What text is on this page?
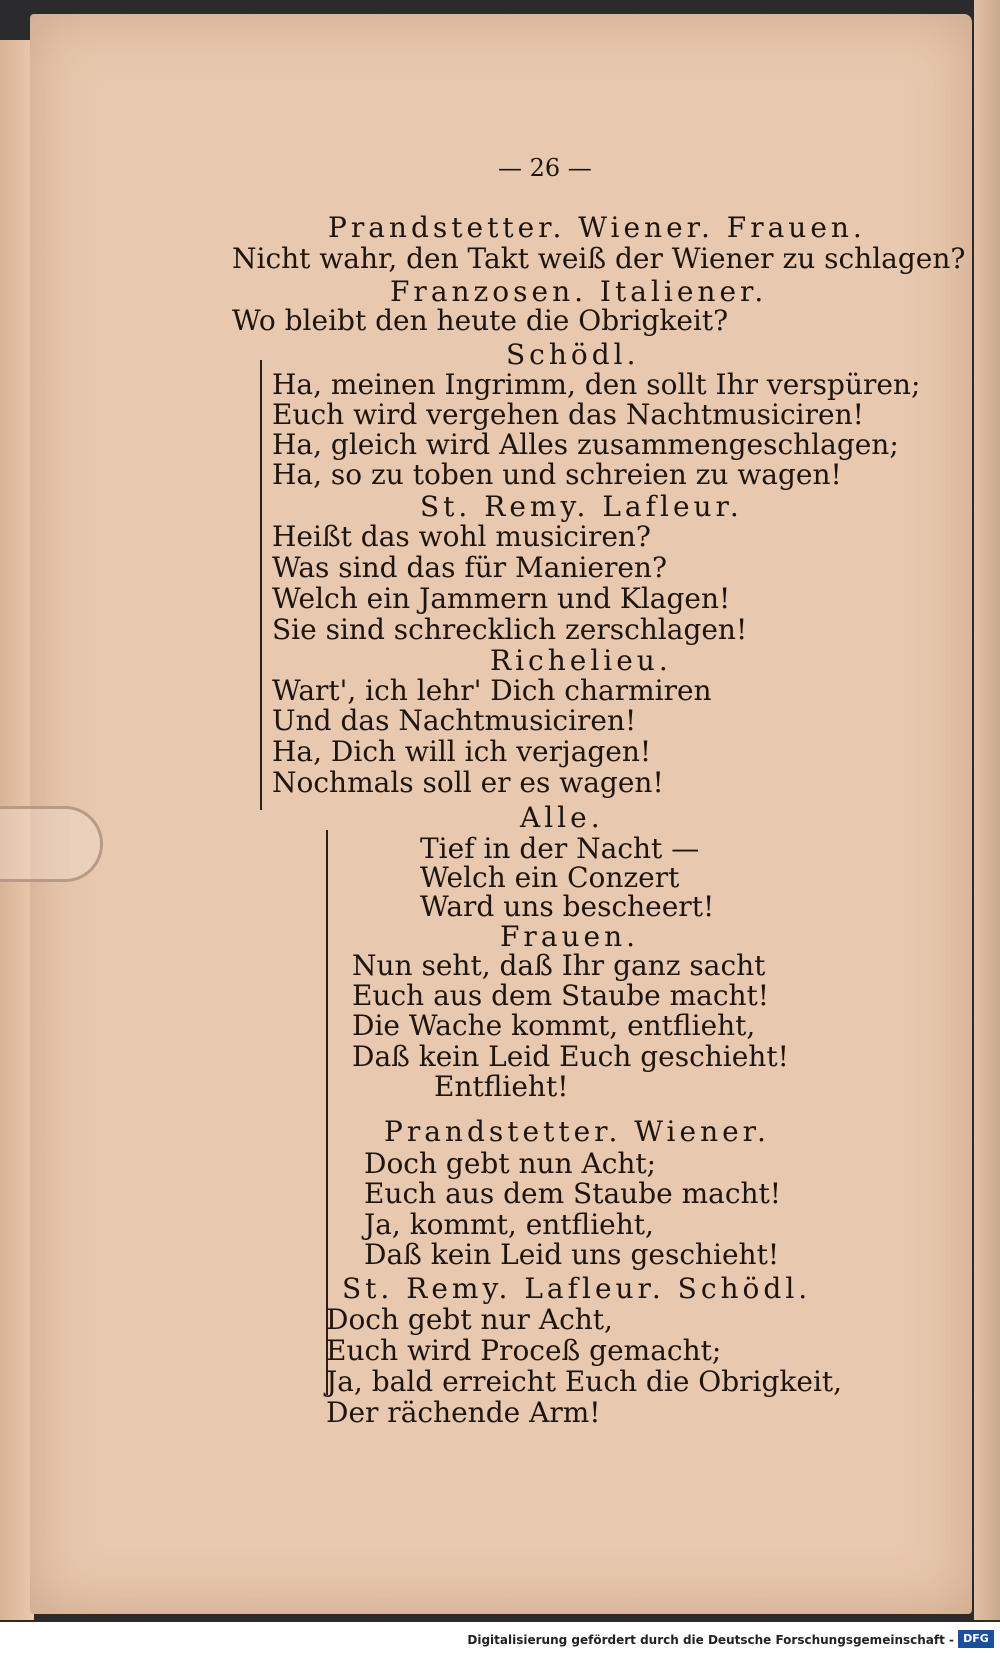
— 26 —
Prandstetter. Wiener. Frauen.
Nicht wahr, den Takt weiß der Wiener zu schlagen?
Franzosen. Italiener.
Wo bleibt den heute die Obrigkeit?
Schödl.
Ha, meinen Ingrimm, den sollt Ihr verspüren;
Euch wird vergehen das Nachtmusiciren!
Ha, gleich wird Alles zusammengeschlagen;
Ha, so zu toben und schreien zu wagen!
St. Remy. Lafleur.
Heißt das wohl musiciren?
Was sind das für Manieren?
Welch ein Jammern und Klagen!
Sie sind schrecklich zerschlagen!
Richelieu.
Wart', ich lehr' Dich charmiren
Und das Nachtmusiciren!
Ha, Dich will ich verjagen!
Nochmals soll er es wagen!
Alle.
Tief in der Nacht —
Welch ein Conzert
Ward uns bescheert!
Frauen.
Nun seht, daß Ihr ganz sacht
Euch aus dem Staube macht!
Die Wache kommt, entflieht,
Daß kein Leid Euch geschieht!
Entflieht!
Prandstetter. Wiener.
Doch gebt nun Acht;
Euch aus dem Staube macht!
Ja, kommt, entflieht,
Daß kein Leid uns geschieht!
St. Remy. Lafleur. Schödl.
Doch gebt nur Acht,
Euch wird Proceß gemacht;
Ja, bald erreicht Euch die Obrigkeit,
Der rächende Arm!
Digitalisierung gefördert durch die Deutsche Forschungsgemeinschaft - DFG
